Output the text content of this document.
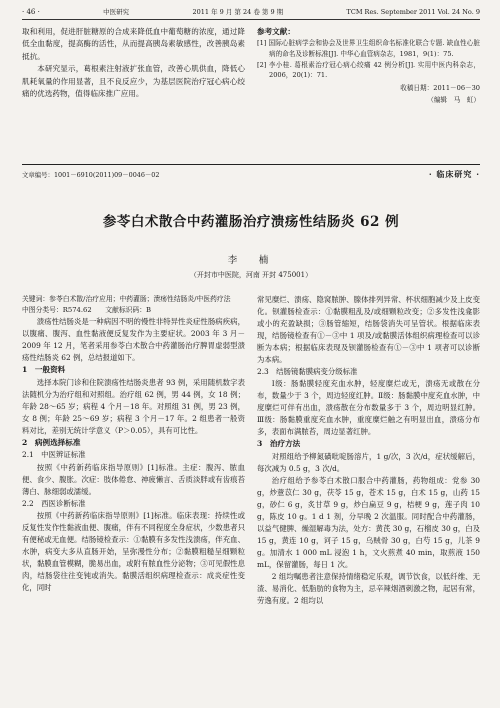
· 46 ·	中医研究	2011 年 9 月 第 24 卷 第 9 期	TCM Res. September 2011 Vol. 24 No. 9

取和利用，促进肝脏糖原的合成来降低血中葡萄糖的浓度，通过降低全血黏度，提高酶的活性，从而提高胰岛素敏感性，改善胰岛素抵抗。

本研究显示，葛根素注射液扩张血管，改善心肌供血，降低心肌耗氧量的作用显著，且不良反应少，为基层医院治疗冠心病心绞痛的优选药物，值得临床推广应用。

参考文献：
[1] 国际心脏病学会和协会及世界卫生组织命名标准化联合专题. 缺血性心脏病的命名及诊断标准[J]. 中华心血管病杂志，1981，9(1)：75.
[2] 李小桂. 葛根素治疗冠心病心绞痛 42 例分析[J]. 实用中医内科杂志，2006，20(1)：71.
收稿日期：2011－06－30
（编辑　马　虹）
文章编号：1001－6910(2011)09－0046－02	· 临床研究 ·
参苓白术散合中药灌肠治疗溃疡性结肠炎 62 例
李　楠
（开封市中医院，河南 开封 475001）
关键词：参苓白术散/治疗应用；中药灌肠；溃疡性结肠炎/中医药疗法
中图分类号：R574.62　　文献标识码：B

溃疡性结肠炎是一种病因不明的慢性非特异性炎症性肠病疾病，以腹痛、腹泻、血性黏液便反复发作为主要症状。2003 年 3 月－2009 年 12 月，笔者采用参苓白术散合中药灌肠治疗脾胃虚弱型溃疡性结肠炎 62 例，总结报道如下。

1　一般资料

选择本院门诊和住院溃疡性结肠炎患者 93 例，采用随机数字表法随机分为治疗组和对照组。治疗组 62 例，男 44 例，女 18 例；年龄 28～65 岁；病程 4 个月－18 年。对照组 31 例，男 23 例，女 8 例；年龄 25～69 岁；病程 3 个月－17 年。2 组患者一般资料对比，差别无统计学意义（P＞0.05），具有可比性。

2　病例选择标准
2.1　中医辨证标准

按照《中药新药临床指导原则》[1]标准。主症：腹泻、脓血便、食少、腹胀。次症：肢体倦怠、神疲懒言、舌质淡胖或有齿痕苔薄白、脉细弱或濡缓。

2.2　西医诊断标准

按照《中药新药临床指导原则》[1]标准。临床表现：持续性或反复性发作性黏液血便、腹痛，伴有不同程度全身症状，少数患者只有便秘或无血便。结肠镜检查示：①黏膜有多发性浅溃疡，伴充血、水肿，病变大多从直肠开始，呈弥漫性分布；②黏膜粗糙呈细颗粒状，黏膜血管模糊，脆易出血，或附有脓血性分泌物；③可见假性息肉，结肠袋往往变钝或消失。黏膜活组织病理检查示：成炎症性变化，同时

常见糜烂、溃疡、隐窝脓肿、腺体排列异常、杯状细胞减少及上皮变化。钡灌肠检查示：①黏膜粗乱及/或细颗粒改变；②多发性浅龛影或小的充盈缺损；③肠管缩短，结肠袋消失可呈管状。根据临床表现，结肠镜检查有①－③中 1 项及/或黏膜活体组织病理检查可以诊断为本病；根据临床表现及钡灌肠检查有①－③中 1 项者可以诊断为本病。

2.3　结肠镜黏膜病变分级标准

Ⅰ级：肠黏膜轻度充血水肿，轻度糜烂或无，溃疡无或散在分布，数量少于 3 个，周边轻度红肿。Ⅱ级：肠黏膜中度充血水肿，中度糜烂可伴有出血，溃疡散在分布数量多于 3 个，周边明显红肿。Ⅲ级：肠黏膜重度充血水肿，重度糜烂触之有明显出血，溃疡分布多，表面布满脓苔，周边显著红肿。

3　治疗方法

对照组给予柳氮磺吡啶肠溶片，1 g/次，3 次/d，症状缓解后，每次减为 0.5 g，3 次/d。

治疗组给予参苓白术散口服合中药灌肠，药物组成：党参 30 g，炒薏苡仁 30 g，茯苓 15 g，苍术 15 g，白术 15 g，山药 15 g，砂仁 6 g，炙甘草 9 g，炒白扁豆 9 g，桔梗 9 g，莲子肉 10 g，陈皮 10 g。1 d 1 剂，分早晚 2 次温服。同时配合中药灌肠，以益气健脾、燥湿解毒为法，处方：黄芪 30 g，石榴皮 30 g，白及 15 g，黄连 10 g，诃子 15 g，乌贼骨 30 g，白芍 15 g，儿茶 9 g。加清水 1 000 mL 浸泡 1 h，文火煎煮 40 min，取煎液 150 mL，保留灌肠，每日 1 次。

2 组均嘱患者注意保持情绪稳定乐观，调节饮食，以低纤维、无渣、易消化、低脂肪的食物为主，忌辛辣烟酒刺激之物，起居有常，劳逸有度。2 组均以
